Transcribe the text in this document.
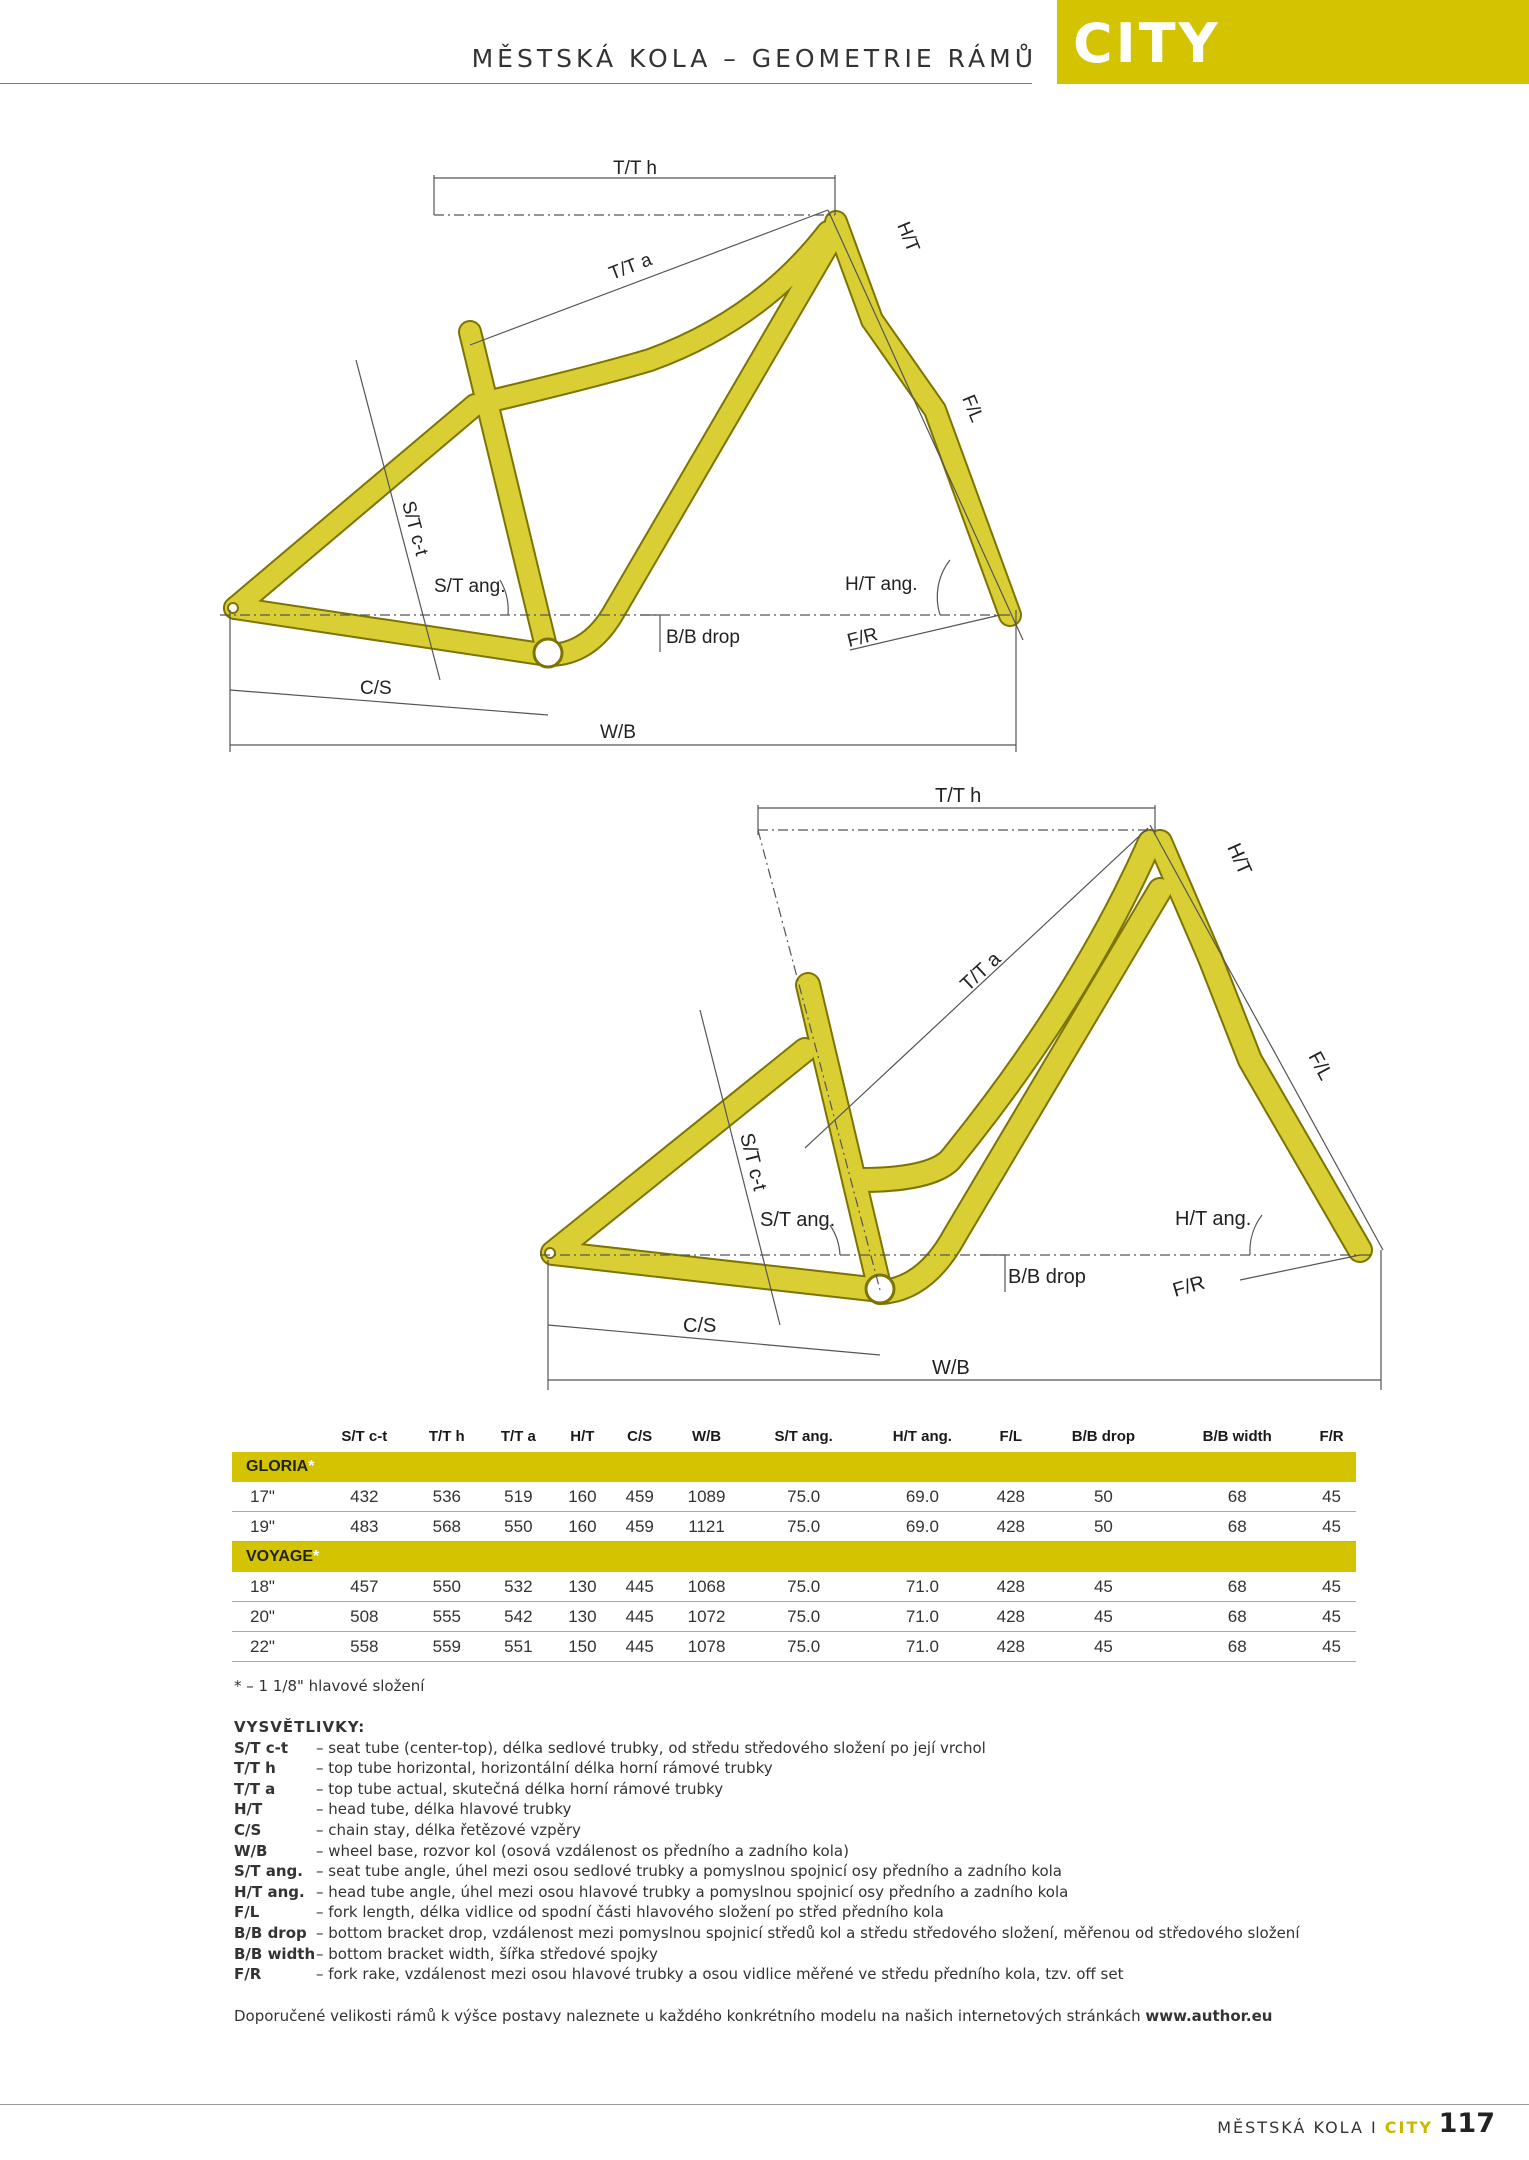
MĚSTSKÁ KOLA – GEOMETRIE RÁMŮ CITY
T/T h
T/T a
H/T
F/L
S/T c-t
S/T ang.	H/T ang.
B/B drop	F/R
C/S
W/B
T/T h
T/T a
H/T
F/L
S/T c-t
S/T ang.	H/T ang.
B/B drop	F/R
C/S
W/B
	S/T c-t	T/T h	T/T a	H/T	C/S	W/B	S/T ang.	H/T ang.	F/L	B/B drop	B/B width	F/R
GLORIA*												
17"	432	536	519	160	459	1089	75.0	69.0	428	50	68	45
19"	483	568	550	160	459	1121	75.0	69.0	428	50	68	45
VOYAGE*												
18"	457	550	532	130	445	1068	75.0	71.0	428	45	68	45
20"	508	555	542	130	445	1072	75.0	71.0	428	45	68	45
22"	558	559	551	150	445	1078	75.0	71.0	428	45	68	45
* – 1 1/8" hlavové složení
VYSVĚTLIVKY:
S/T c-t	– seat tube (center-top), délka sedlové trubky, od středu středového složení po její vrchol
T/T h	– top tube horizontal, horizontální délka horní rámové trubky
T/T a	– top tube actual, skutečná délka horní rámové trubky
H/T	– head tube, délka hlavové trubky
C/S	– chain stay, délka řetězové vzpěry
W/B	– wheel base, rozvor kol (osová vzdálenost os předního a zadního kola)
S/T ang. – seat tube angle, úhel mezi osou sedlové trubky a pomyslnou spojnicí osy předního a zadního kola
H/T ang. – head tube angle, úhel mezi osou hlavové trubky a pomyslnou spojnicí osy předního a zadního kola
F/L	– fork length, délka vidlice od spodní části hlavového složení po střed předního kola
B/B drop – bottom bracket drop, vzdálenost mezi pomyslnou spojnicí středů kol a středu středového složení, měřenou od středového složení
B/B width – bottom bracket width, šířka středové spojky
F/R	– fork rake, vzdálenost mezi osou hlavové trubky a osou vidlice měřené ve středu předního kola, tzv. off set
Doporučené velikosti rámů k výšce postavy naleznete u každého konkrétního modelu na našich internetových stránkách www.author.eu
MĚSTSKÁ KOLA I CITY 117
